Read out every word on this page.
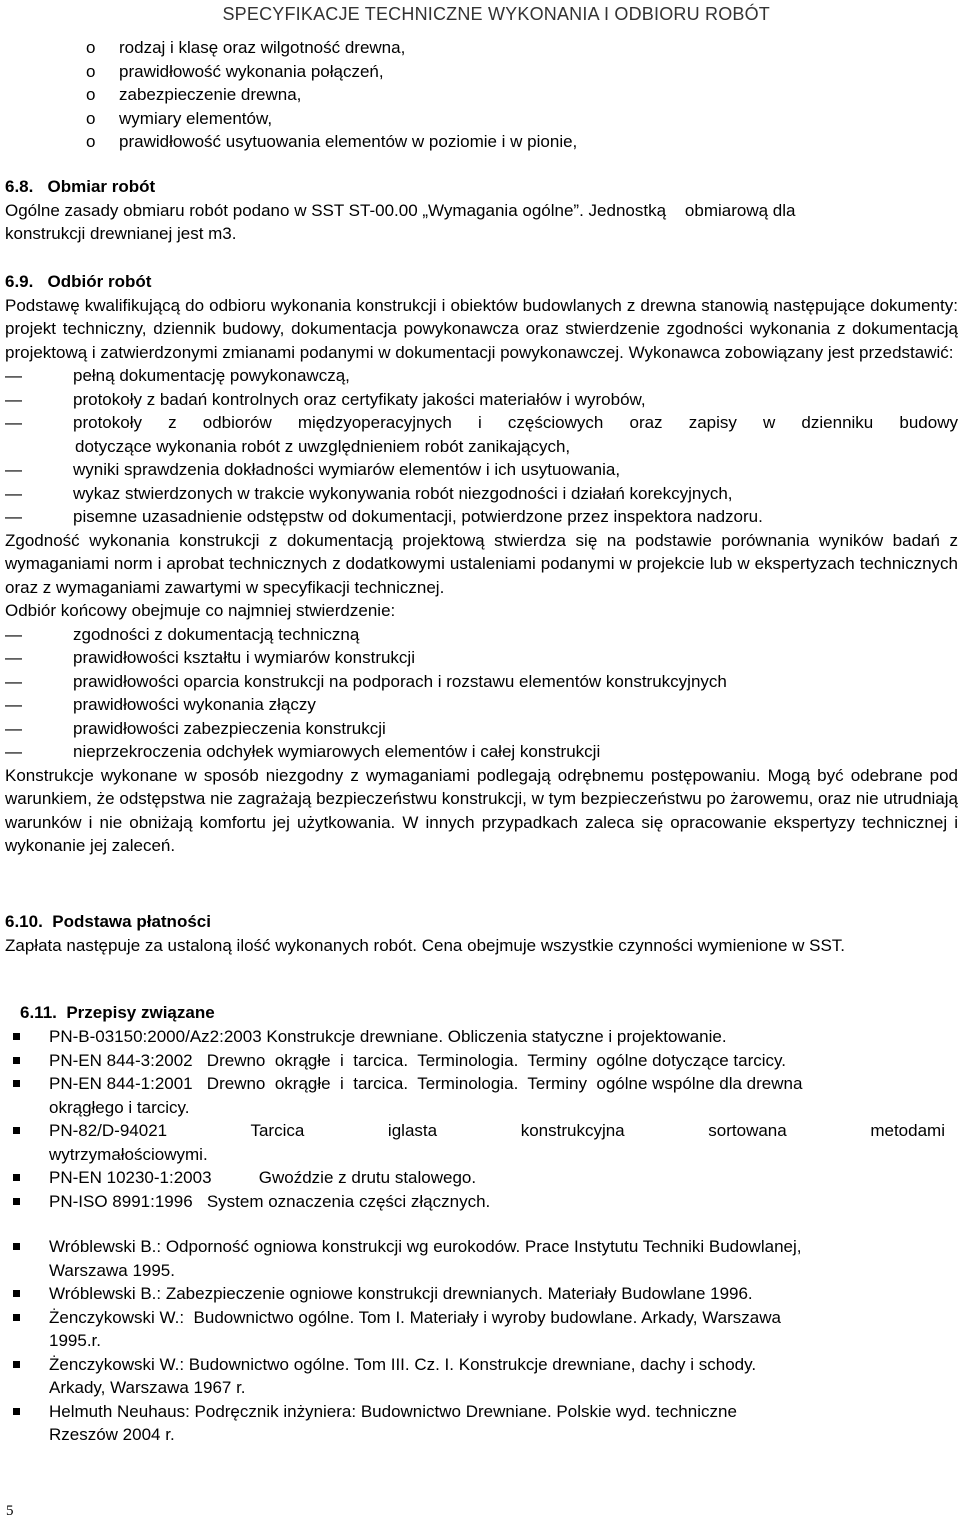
SPECYFIKACJE TECHNICZNE WYKONANIA I ODBIORU ROBÓT
o	rodzaj i klasę oraz wilgotność drewna,
o	prawidłowość wykonania połączeń,
o	zabezpieczenie drewna,
o	wymiary elementów,
o	prawidłowość usytuowania elementów w poziomie i w pionie,
6.8.   Obmiar robót
Ogólne zasady obmiaru robót podano w SST ST-00.00 „Wymagania ogólne”. Jednostką    obmiarową dla
konstrukcji drewnianej jest m3.
6.9.   Odbiór robót
Podstawę kwalifikującą do odbioru wykonania konstrukcji i obiektów budowlanych z drewna stanowią następujące dokumenty: projekt techniczny, dziennik budowy, dokumentacja powykonawcza oraz stwierdzenie zgodności wykonania z dokumentacją projektową i zatwierdzonymi zmianami podanymi w dokumentacji powykonawczej. Wykonawca zobowiązany jest przedstawić:
—	pełną dokumentację powykonawczą,
—	protokoły z badań kontrolnych oraz certyfikaty jakości materiałów i wyrobów,
—	protokoły z odbiorów międzyoperacyjnych i częściowych oraz zapisy w dzienniku budowy
dotyczące wykonania robót z uwzględnieniem robót zanikających,
—	wyniki sprawdzenia dokładności wymiarów elementów i ich usytuowania,
—	wykaz stwierdzonych w trakcie wykonywania robót niezgodności i działań korekcyjnych,
—	pisemne uzasadnienie odstępstw od dokumentacji, potwierdzone przez inspektora nadzoru.
Zgodność wykonania konstrukcji z dokumentacją projektową stwierdza się na podstawie porównania wyników badań z wymaganiami norm i aprobat technicznych z dodatkowymi ustaleniami podanymi w projekcie lub w ekspertyzach technicznych oraz z wymaganiami zawartymi w specyfikacji technicznej.
Odbiór końcowy obejmuje co najmniej stwierdzenie:
—	zgodności z dokumentacją techniczną
—	prawidłowości kształtu i wymiarów konstrukcji
—	prawidłowości oparcia konstrukcji na podporach i rozstawu elementów konstrukcyjnych
—	prawidłowości wykonania złączy
—	prawidłowości zabezpieczenia konstrukcji
—	nieprzekroczenia odchyłek wymiarowych elementów i całej konstrukcji
Konstrukcje wykonane w sposób niezgodny z wymaganiami podlegają odrębnemu postępowaniu. Mogą być odebrane pod warunkiem, że odstępstwa nie zagrażają bezpieczeństwu konstrukcji, w tym bezpieczeństwu po żarowemu, oraz nie utrudniają warunków i nie obniżają komfortu jej użytkowania. W innych przypadkach zaleca się opracowanie ekspertyzy technicznej i wykonanie jej zaleceń.
6.10.  Podstawa płatności
Zapłata następuje za ustaloną ilość wykonanych robót. Cena obejmuje wszystkie czynności wymienione w SST.
6.11.  Przepisy związane
PN-B-03150:2000/Az2:2003 Konstrukcje drewniane. Obliczenia statyczne i projektowanie.
PN-EN 844-3:2002   Drewno  okrągłe  i  tarcica.  Terminologia.  Terminy  ogólne dotyczące tarcicy.
PN-EN 844-1:2001   Drewno  okrągłe  i  tarcica.  Terminologia.  Terminy  ogólne wspólne dla drewna
okrągłego i tarcicy.
PN-82/D-94021 Tarcica iglasta konstrukcyjna sortowana metodami
wytrzymałościowymi.
PN-EN 10230-1:2003          Gwoździe z drutu stalowego.
PN-ISO 8991:1996   System oznaczenia części złącznych.
Wróblewski B.: Odporność ogniowa konstrukcji wg eurokodów. Prace Instytutu Techniki Budowlanej,
Warszawa 1995.
Wróblewski B.: Zabezpieczenie ogniowe konstrukcji drewnianych. Materiały Budowlane 1996.
Żenczykowski W.:  Budownictwo ogólne. Tom I. Materiały i wyroby budowlane. Arkady, Warszawa
1995.r.
Żenczykowski W.: Budownictwo ogólne. Tom III. Cz. I. Konstrukcje drewniane, dachy i schody.
Arkady, Warszawa 1967 r.
Helmuth Neuhaus: Podręcznik inżyniera: Budownictwo Drewniane. Polskie wyd. techniczne
Rzeszów 2004 r.
5
